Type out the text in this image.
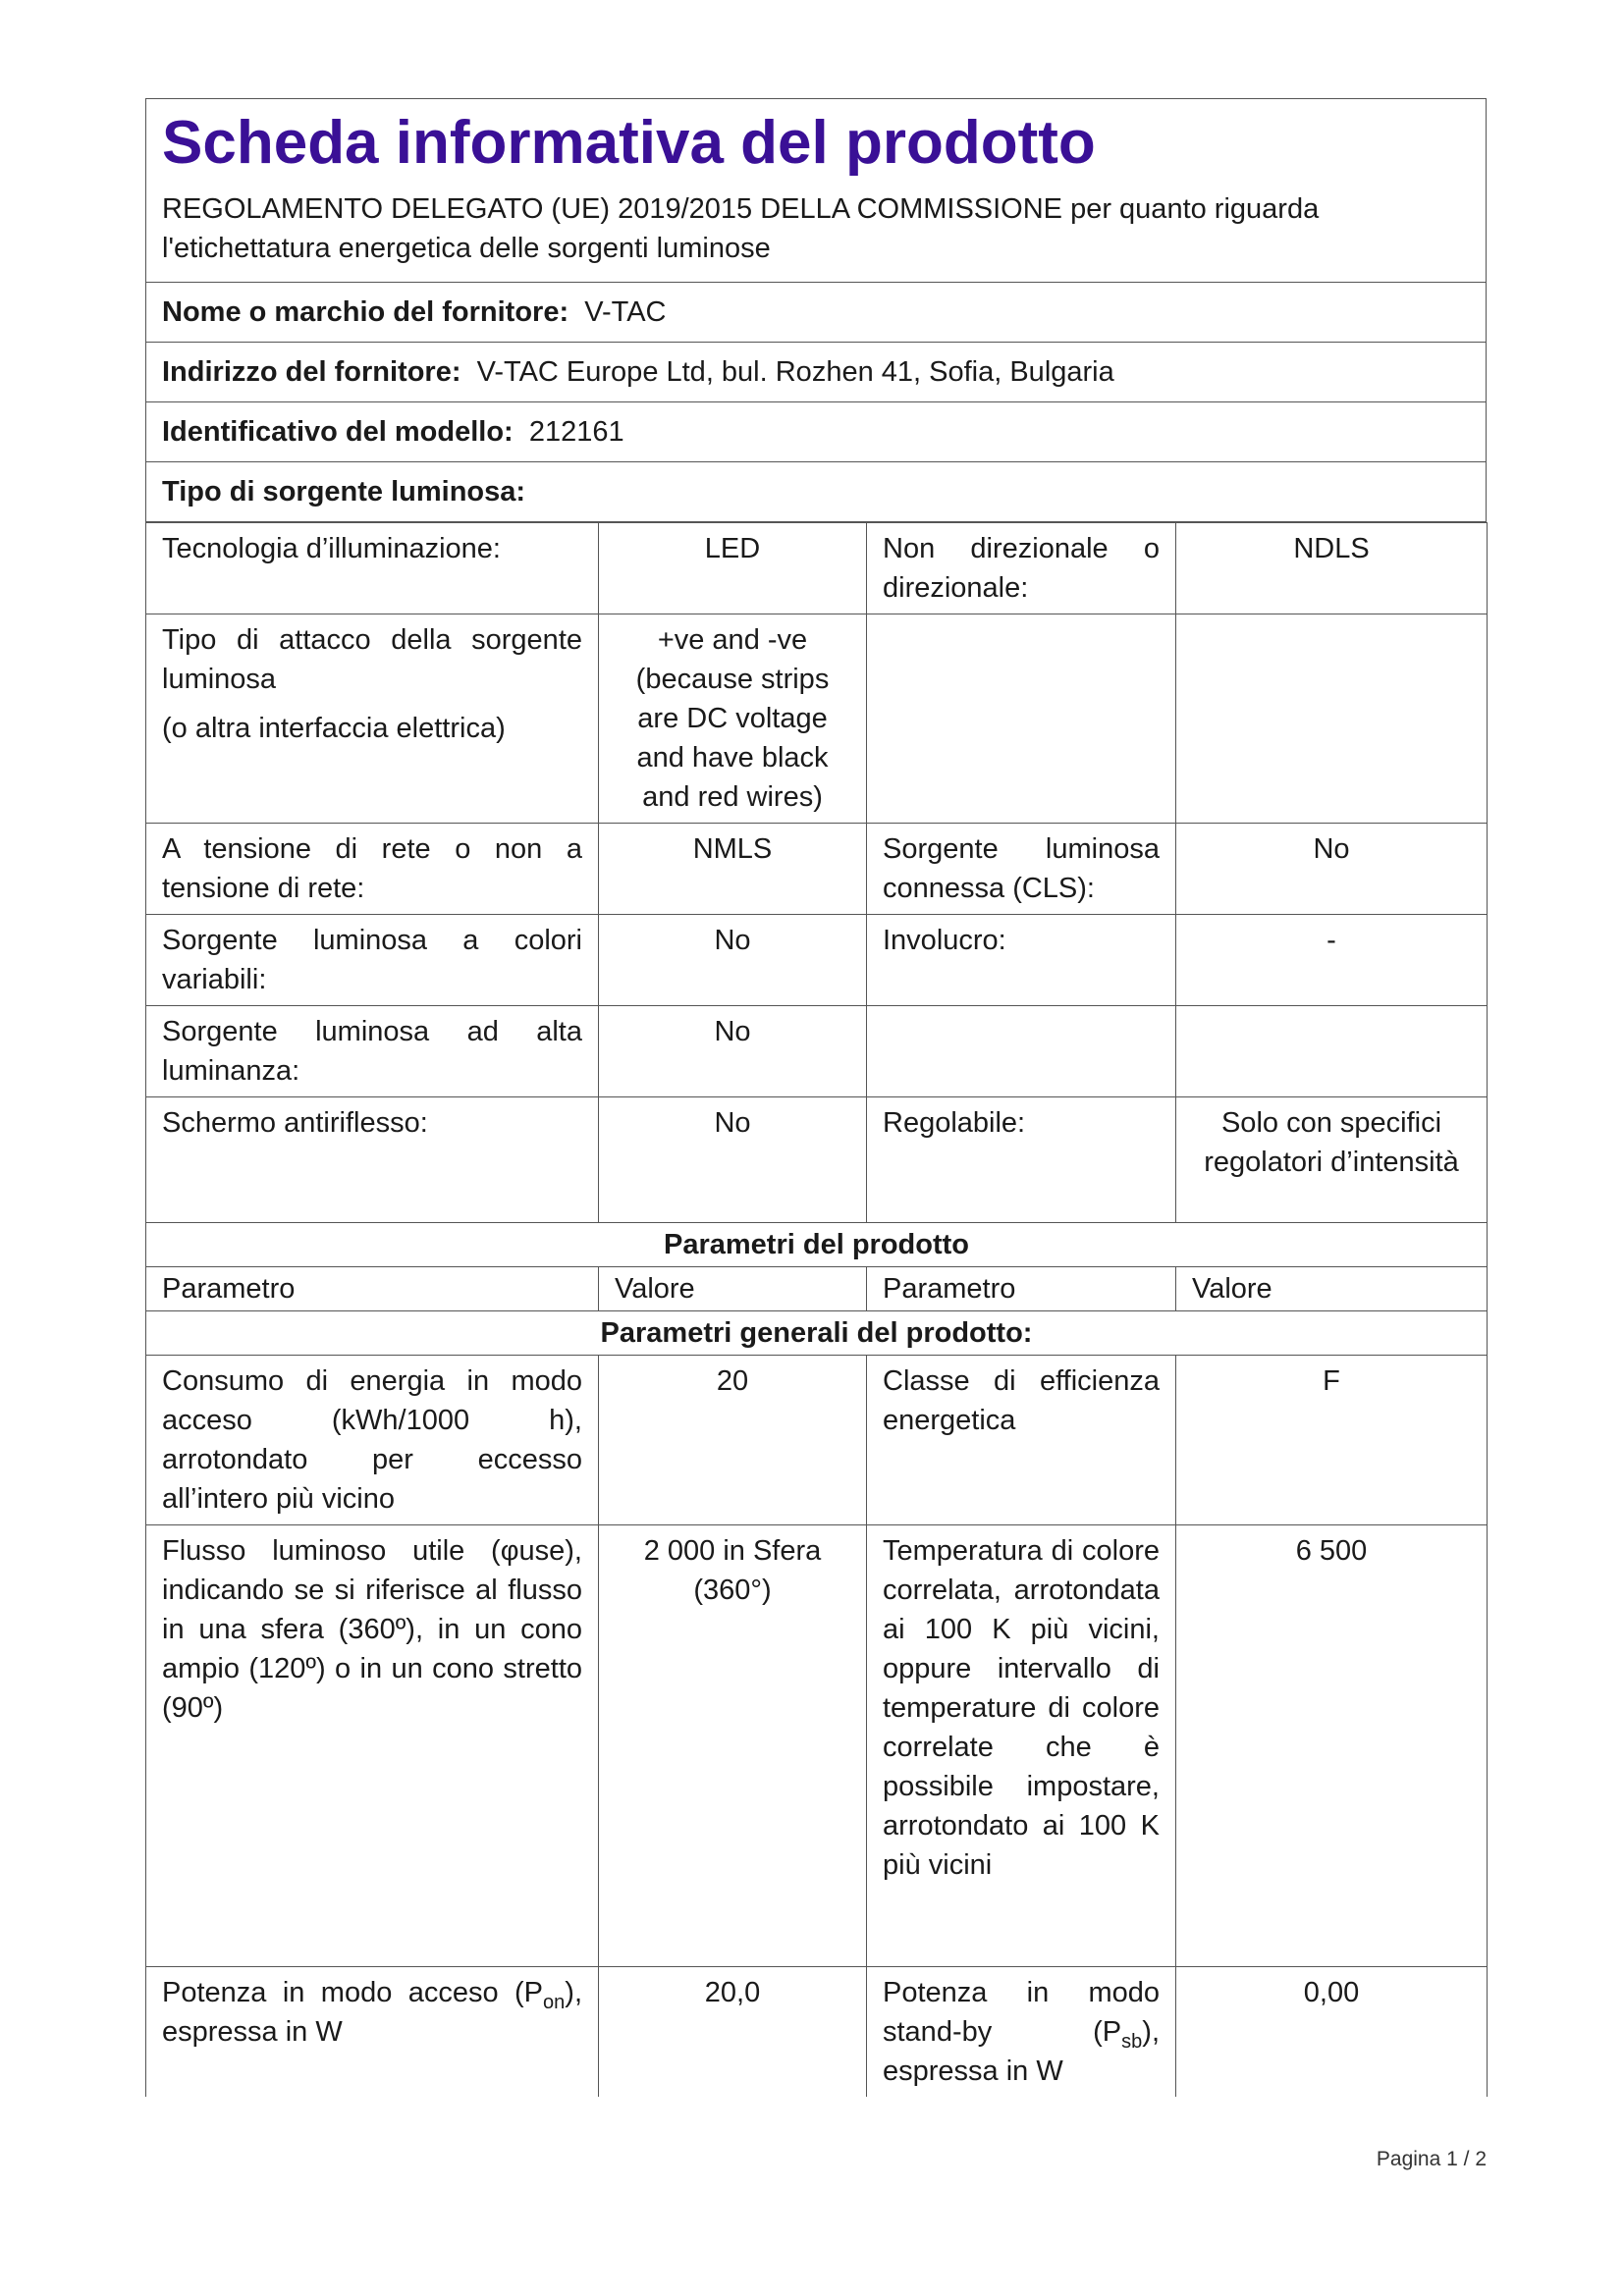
Scheda informativa del prodotto
REGOLAMENTO DELEGATO (UE) 2019/2015 DELLA COMMISSIONE per quanto riguarda
l'etichettatura energetica delle sorgenti luminose
Nome o marchio del fornitore: V-TAC
Indirizzo del fornitore: V-TAC Europe Ltd, bul. Rozhen 41, Sofia, Bulgaria
Identificativo del modello: 212161
Tipo di sorgente luminosa:
Tecnologia d’illuminazione:	LED	Non direzionale o direzionale:	NDLS

Tipo di attacco della sorgente luminosa
(o altra interfaccia elettrica)	+ve and -ve (because strips are DC voltage and have black and red wires)		
A tensione di rete o non a tensione di rete:	NMLS	Sorgente luminosa connessa (CLS):	No
Sorgente luminosa a colori variabili:	No	Involucro:	-
Sorgente luminosa ad alta luminanza:	No		
Schermo antiriflesso:	No	Regolabile:	Solo con specifici regolatori d’intensità
Parametri del prodotto			
Parametro	Valore	Parametro	Valore
Parametri generali del prodotto:			
Consumo di energia in modo acceso (kWh/1000 h), arrotondato per eccesso all’intero più vicino	20	Classe di efficienza energetica	F
Flusso luminoso utile (φuse), indicando se si riferisce al flusso in una sfera (360º), in un cono ampio (120º) o in un cono stretto (90º)	2 000 in Sfera (360°)	Temperatura di colore correlata, arrotondata ai 100 K più vicini, oppure intervallo di temperature di colore correlate che è possibile impostare, arrotondato ai 100 K più vicini	6 500
Potenza in modo acceso $(P_{on})$, espressa in W	20,0	Potenza in modo stand-by $(P_{sb})$, espressa in W	0,00
Pagina 1 / 2
